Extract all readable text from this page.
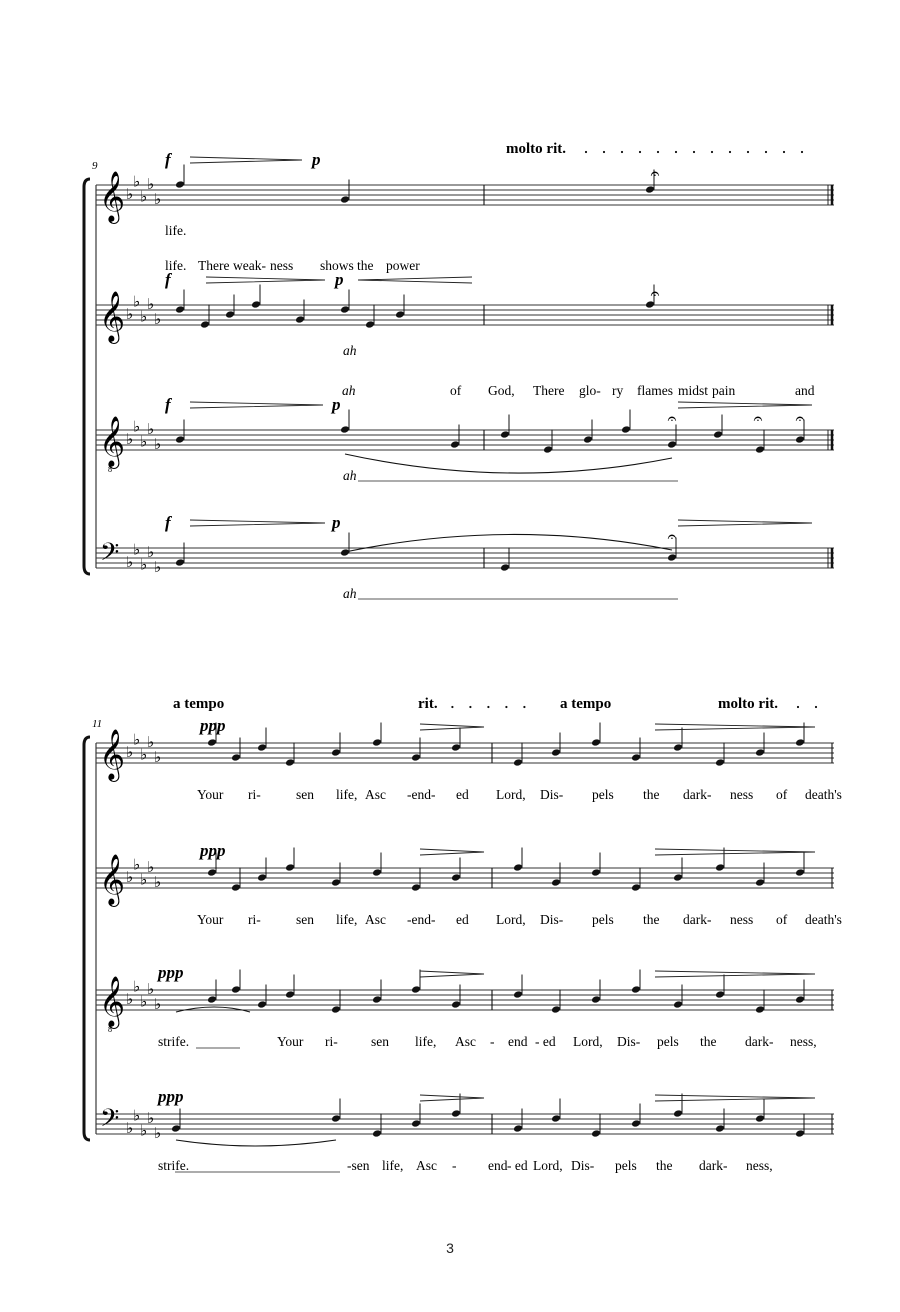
9
𝄞 ♭
♭
♭
♭
♭
f	p
life.
𝄞 ♭
♭
♭
♭
♭
f	p
life. There weak- ness shows the power
ah
𝄞
8
♭
♭
♭
♭
♭
f	p
ah	of God, There glo- ry flames midst pain	and
ah
𝄢 ♭
♭
♭
♭
♭
f	p
ah
𝄐
𝄐
𝄐	𝄐 𝄐
𝄐
molto rit.
11
𝄞 ♭
♭
♭
♭
♭
ppp
Your ri-	sen life, Asc -end- ed Lord, Dis- pels the dark- ness of death's
𝄞 ♭
♭
♭
♭
♭
ppp
Your ri-	sen life, Asc -end- ed Lord, Dis- pels the dark- ness of death's
𝄞
8
♭
♭
♭
♭
♭
ppp
strife.	Your ri- sen life, Asc - end - ed Lord, Dis- pels the dark- ness,
𝄢 ♭
♭
♭
♭
♭
ppp
strife.	-sen life, Asc - end - ed Lord, Dis- pels the dark- ness,
a tempo	rit.	a tempo	molto rit.
3
